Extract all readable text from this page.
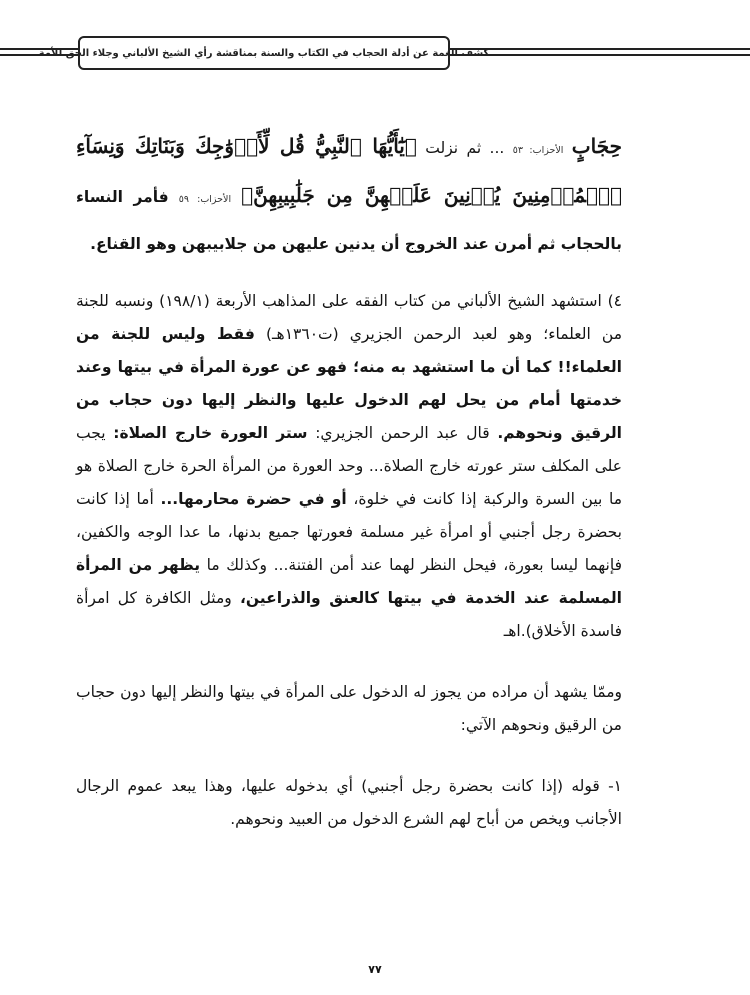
كشف الغمة عن أدلة الحجاب في الكتاب والسنة بمناقشة رأي الشيخ الألباني وجلاء الحق للأمة

حِجَابٍ الأحزاب: ٥٣ ... ثم نزلت ﴿يَٰٓأَيُّهَا ٱلنَّبِيُّ قُل لِّأَزۡوَٰجِكَ وَبَنَاتِكَ وَنِسَآءِ ٱلۡمُؤۡمِنِينَ يُدۡنِينَ عَلَيۡهِنَّ مِن جَلَٰبِيبِهِنَّ﴾ الأحزاب: ٥٩ فأمر النساء بالحجاب ثم أمرن عند الخروج أن يدنين عليهن من جلابيبهن وهو القناع.

٤) استشهد الشيخ الألباني من كتاب الفقه على المذاهب الأربعة (١٩٨/١) ونسبه للجنة من العلماء؛ وهو لعبد الرحمن الجزيري (ت١٣٦٠هـ) فقط وليس للجنة من العلماء!! كما أن ما استشهد به منه؛ فهو عن عورة المرأة في بيتها وعند خدمتها أمام من يحل لهم الدخول عليها والنظر إليها دون حجاب من الرقيق ونحوهم. قال عبد الرحمن الجزيري: ستر العورة خارج الصلاة: يجب على المكلف ستر عورته خارج الصلاة... وحد العورة من المرأة الحرة خارج الصلاة هو ما بين السرة والركبة إذا كانت في خلوة، أو في حضرة محارمها... أما إذا كانت بحضرة رجل أجنبي أو امرأة غير مسلمة فعورتها جميع بدنها، ما عدا الوجه والكفين، فإنهما ليسا بعورة، فيحل النظر لهما عند أمن الفتنة... وكذلك ما يظهر من المرأة المسلمة عند الخدمة في بيتها كالعنق والذراعين، ومثل الكافرة كل امرأة فاسدة الأخلاق).اهـ

وممّا يشهد أن مراده من يجوز له الدخول على المرأة في بيتها والنظر إليها دون حجاب من الرقيق ونحوهم الآتي:

١- قوله (إذا كانت بحضرة رجل أجنبي) أي بدخوله عليها، وهذا يبعد عموم الرجال الأجانب ويخص من أباح لهم الشرع الدخول من العبيد ونحوهم.

٧٧
